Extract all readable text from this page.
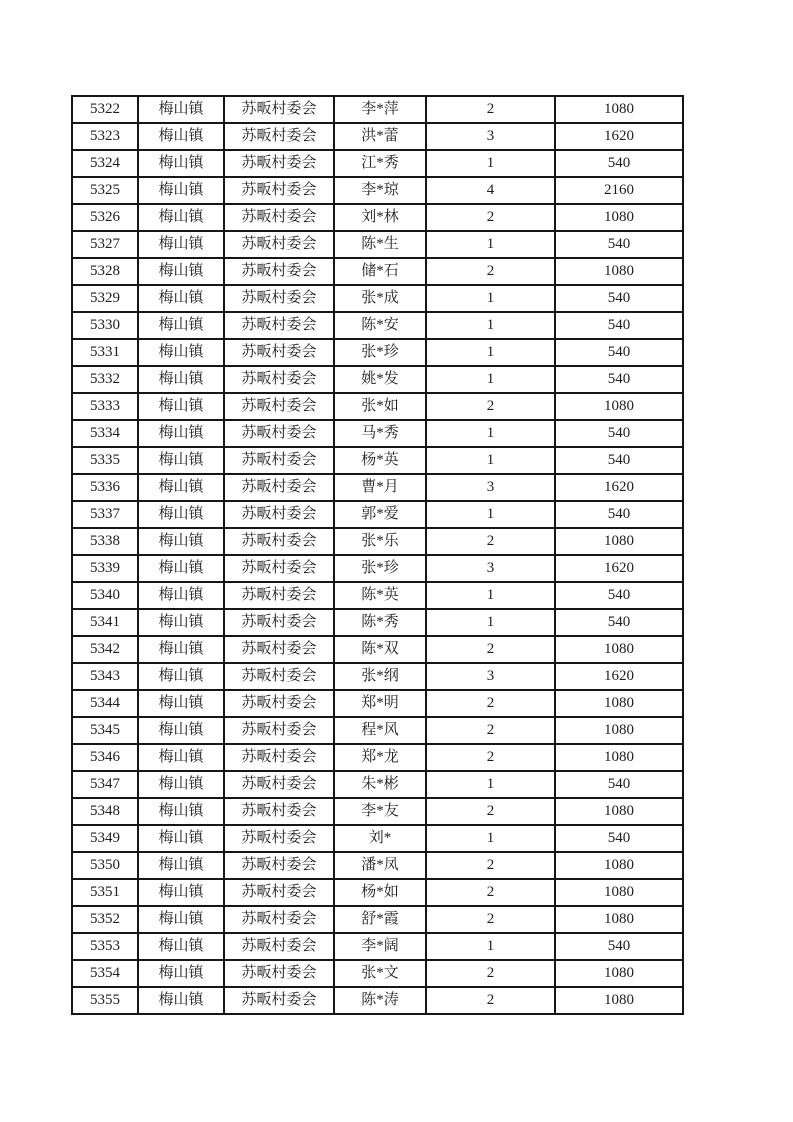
5322	梅山镇	苏畈村委会	李*萍	2	1080
5323	梅山镇	苏畈村委会	洪*蕾	3	1620
5324	梅山镇	苏畈村委会	江*秀	1	540
5325	梅山镇	苏畈村委会	李*琼	4	2160
5326	梅山镇	苏畈村委会	刘*林	2	1080
5327	梅山镇	苏畈村委会	陈*生	1	540
5328	梅山镇	苏畈村委会	储*石	2	1080
5329	梅山镇	苏畈村委会	张*成	1	540
5330	梅山镇	苏畈村委会	陈*安	1	540
5331	梅山镇	苏畈村委会	张*珍	1	540
5332	梅山镇	苏畈村委会	姚*发	1	540
5333	梅山镇	苏畈村委会	张*如	2	1080
5334	梅山镇	苏畈村委会	马*秀	1	540
5335	梅山镇	苏畈村委会	杨*英	1	540
5336	梅山镇	苏畈村委会	曹*月	3	1620
5337	梅山镇	苏畈村委会	郭*爱	1	540
5338	梅山镇	苏畈村委会	张*乐	2	1080
5339	梅山镇	苏畈村委会	张*珍	3	1620
5340	梅山镇	苏畈村委会	陈*英	1	540
5341	梅山镇	苏畈村委会	陈*秀	1	540
5342	梅山镇	苏畈村委会	陈*双	2	1080
5343	梅山镇	苏畈村委会	张*纲	3	1620
5344	梅山镇	苏畈村委会	郑*明	2	1080
5345	梅山镇	苏畈村委会	程*风	2	1080
5346	梅山镇	苏畈村委会	郑*龙	2	1080
5347	梅山镇	苏畈村委会	朱*彬	1	540
5348	梅山镇	苏畈村委会	李*友	2	1080
5349	梅山镇	苏畈村委会	刘*	1	540
5350	梅山镇	苏畈村委会	潘*凤	2	1080
5351	梅山镇	苏畈村委会	杨*如	2	1080
5352	梅山镇	苏畈村委会	舒*霞	2	1080
5353	梅山镇	苏畈村委会	李*阔	1	540
5354	梅山镇	苏畈村委会	张*文	2	1080
5355	梅山镇	苏畈村委会	陈*涛	2	1080
